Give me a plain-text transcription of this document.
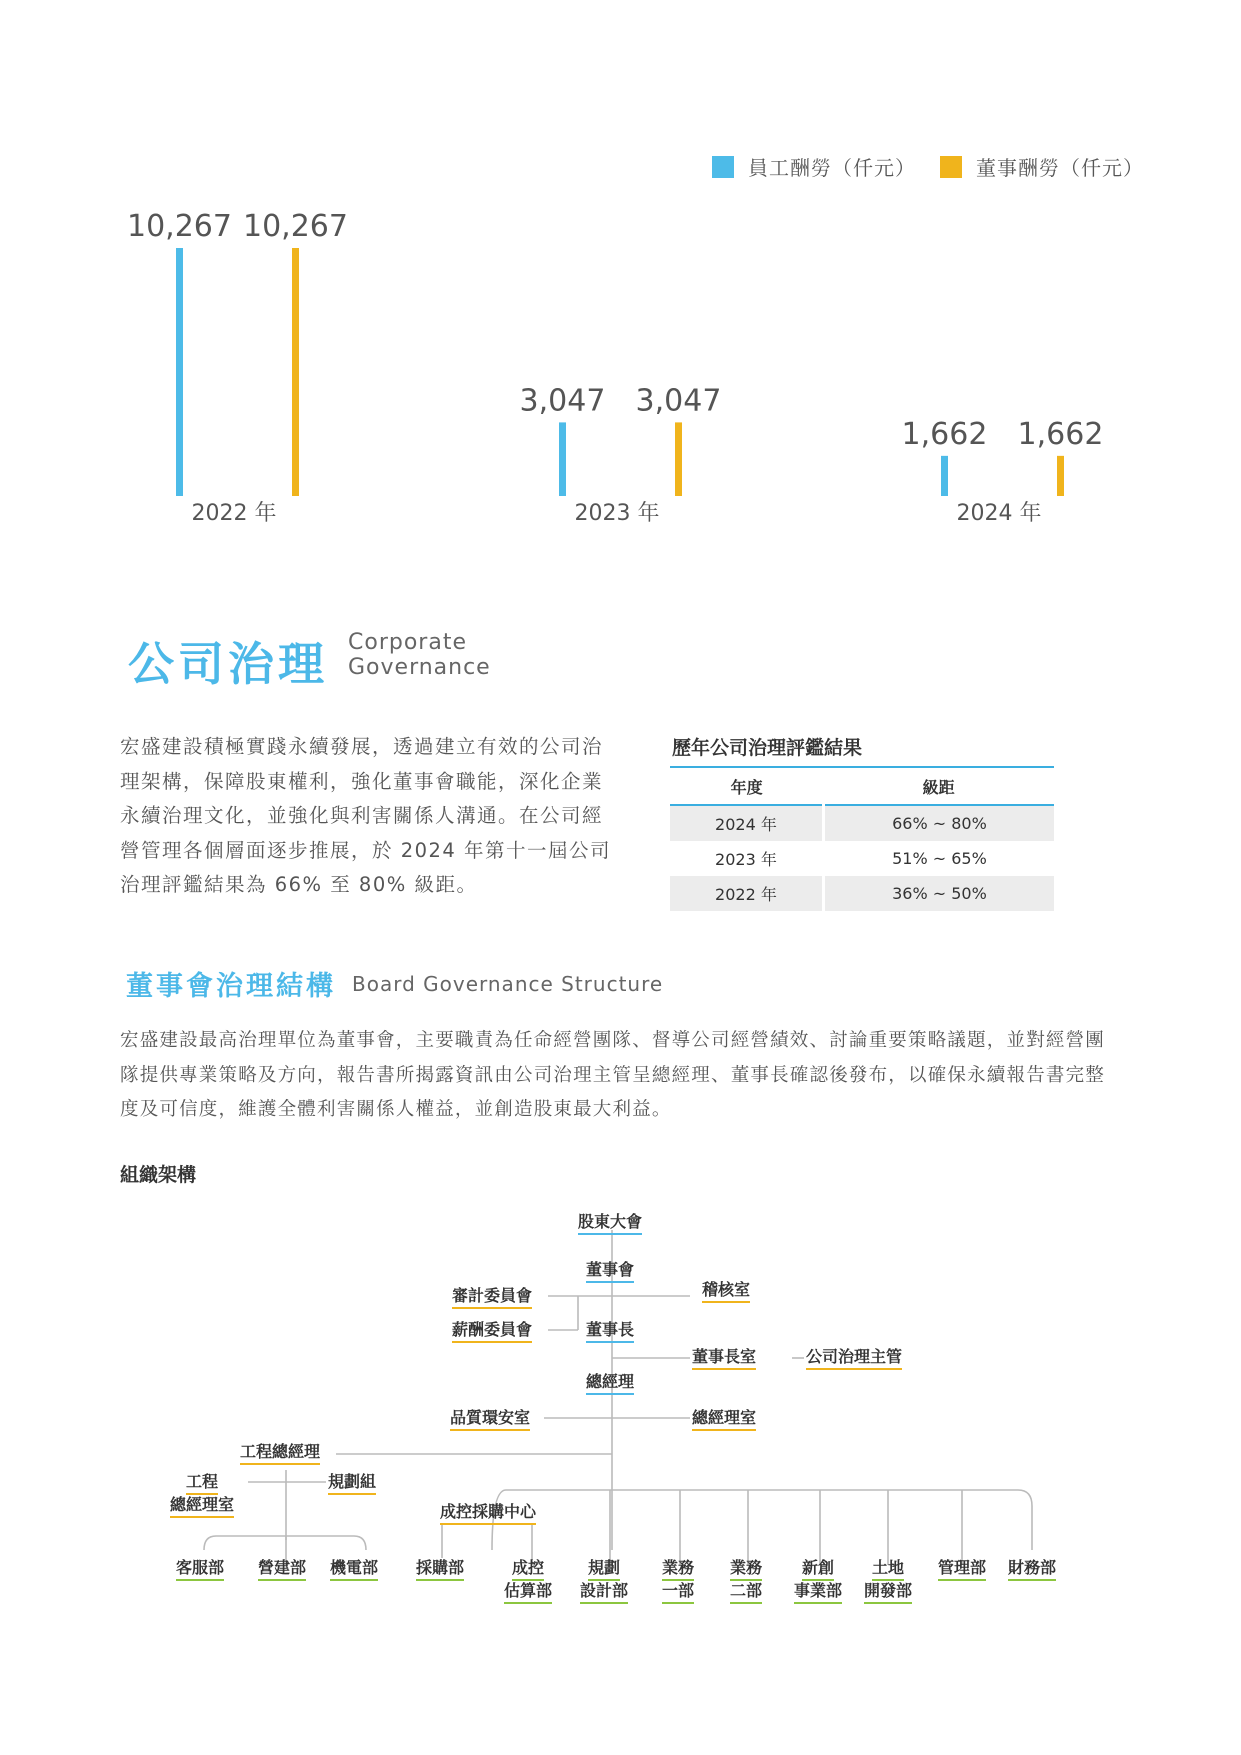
員工酬勞（仟元）	董事酬勞（仟元）
10,267 10,267
2022 年
3,047 3,047
2023 年
1,662 1,662
2024 年
公司治理 Corporate
Governance
宏盛建設積極實踐永續發展，透過建立有效的公司治理架構，保障股東權利，強化董事會職能，深化企業永續治理文化，並強化與利害關係人溝通。在公司經營管理各個層面逐步推展，於 2024 年第十一屆公司治理評鑑結果為 66% 至 80% 級距。
歷年公司治理評鑑結果
年度	級距
2024 年	66% ~ 80%
2023 年	51% ~ 65%
2022 年	36% ~ 50%
董事會治理結構 Board Governance Structure
宏盛建設最高治理單位為董事會，主要職責為任命經營團隊、督導公司經營績效、討論重要策略議題，並對經營團隊提供專業策略及方向，報告書所揭露資訊由公司治理主管呈總經理、董事長確認後發布，以確保永續報告書完整度及可信度，維護全體利害關係人權益，並創造股東最大利益。
組織架構
股東大會
董事會
審計委員會	稽核室
薪酬委員會	董事長
董事長室	公司治理主管
總經理
品質環安室	總經理室
工程總經理
工程
總經理室
規劃組
成控採購中心
客服部 營建部 機電部 採購部	成控
估算部
規劃
設計部
業務
一部
業務
二部
新創
事業部
土地
開發部
管理部 財務部
